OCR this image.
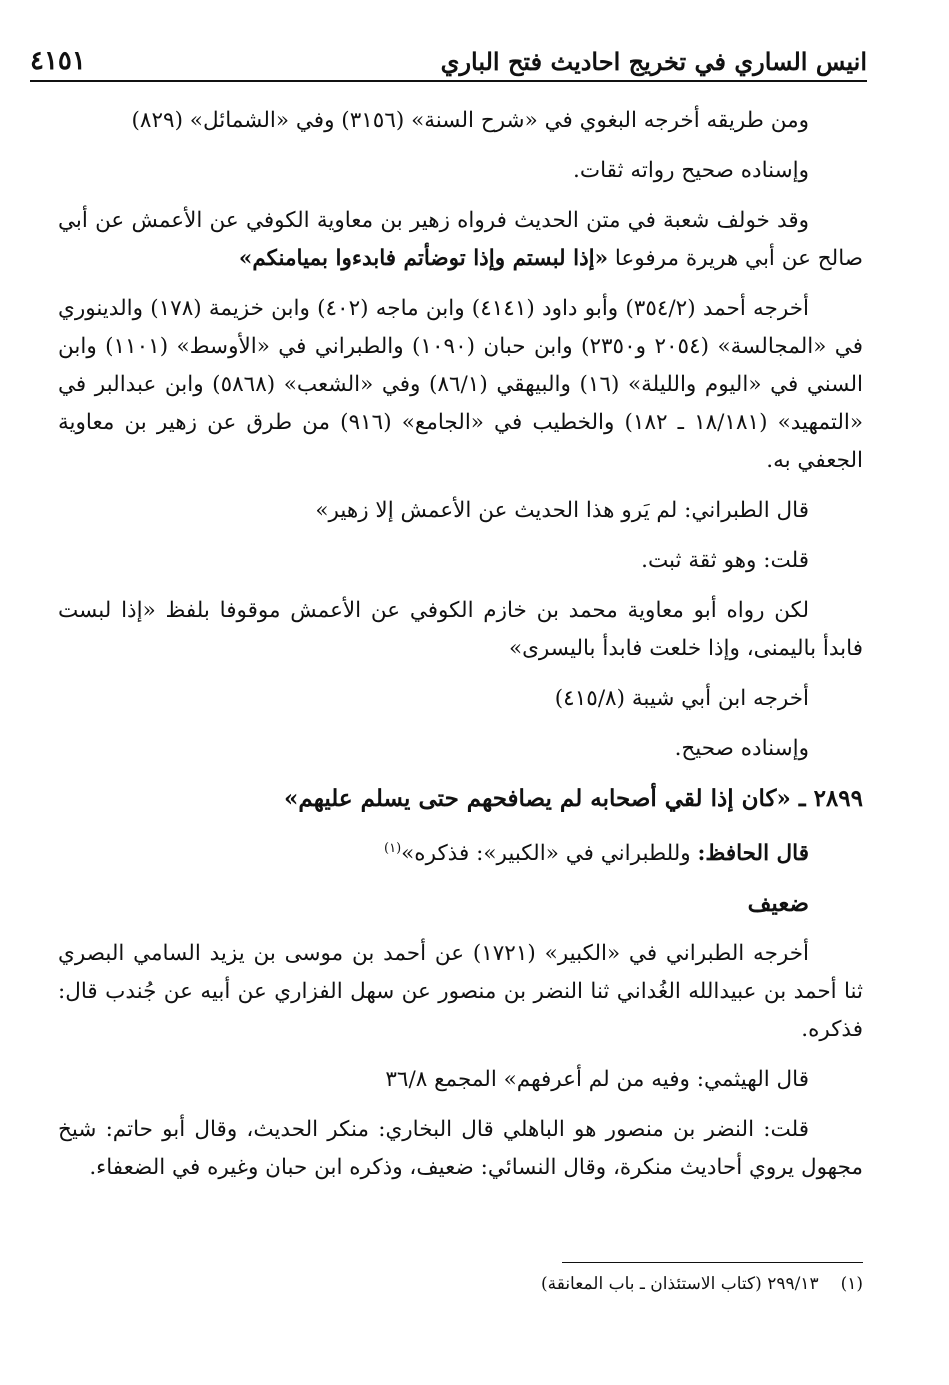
انيس الساري في تخريج احاديث فتح الباري
٤١٥١

ومن طريقه أخرجه البغوي في «شرح السنة» (٣١٥٦) وفي «الشمائل» (٨٢٩)

وإسناده صحيح رواته ثقات.

وقد خولف شعبة في متن الحديث فرواه زهير بن معاوية الكوفي عن الأعمش عن أبي صالح عن أبي هريرة مرفوعا «إذا لبستم وإذا توضأتم فابدءوا بميامنكم»

أخرجه أحمد (٣٥٤/٢) وأبو داود (٤١٤١) وابن ماجه (٤٠٢) وابن خزيمة (١٧٨) والدينوري في «المجالسة» (٢٠٥٤ و٢٣٥٠) وابن حبان (١٠٩٠) والطبراني في «الأوسط» (١١٠١) وابن السني في «اليوم والليلة» (١٦) والبيهقي (٨٦/١) وفي «الشعب» (٥٨٦٨) وابن عبدالبر في «التمهيد» (١٨/١٨١ ـ ١٨٢) والخطيب في «الجامع» (٩١٦) من طرق عن زهير بن معاوية الجعفي به.

قال الطبراني: لم يَرو هذا الحديث عن الأعمش إلا زهير»

قلت: وهو ثقة ثبت.

لكن رواه أبو معاوية محمد بن خازم الكوفي عن الأعمش موقوفا بلفظ «إذا لبست فابدأ باليمنى، وإذا خلعت فابدأ باليسرى»

أخرجه ابن أبي شيبة (٤١٥/٨)

وإسناده صحيح.

٢٨٩٩ ـ «كان إذا لقي أصحابه لم يصافحهم حتى يسلم عليهم»

قال الحافظ: وللطبراني في «الكبير»: فذكره»$^{(١)}$

ضعيف

أخرجه الطبراني في «الكبير» (١٧٢١) عن أحمد بن موسى بن يزيد السامي البصري ثنا أحمد بن عبيدالله الغُداني ثنا النضر بن منصور عن سهل الفزاري عن أبيه عن جُندب قال: فذكره.

قال الهيثمي: وفيه من لم أعرفهم» المجمع ٣٦/٨

قلت: النضر بن منصور هو الباهلي قال البخاري: منكر الحديث، وقال أبو حاتم: شيخ مجهول يروي أحاديث منكرة، وقال النسائي: ضعيف، وذكره ابن حبان وغيره في الضعفاء.

(١)٢٩٩/١٣ (كتاب الاستئذان ـ باب المعانقة)
